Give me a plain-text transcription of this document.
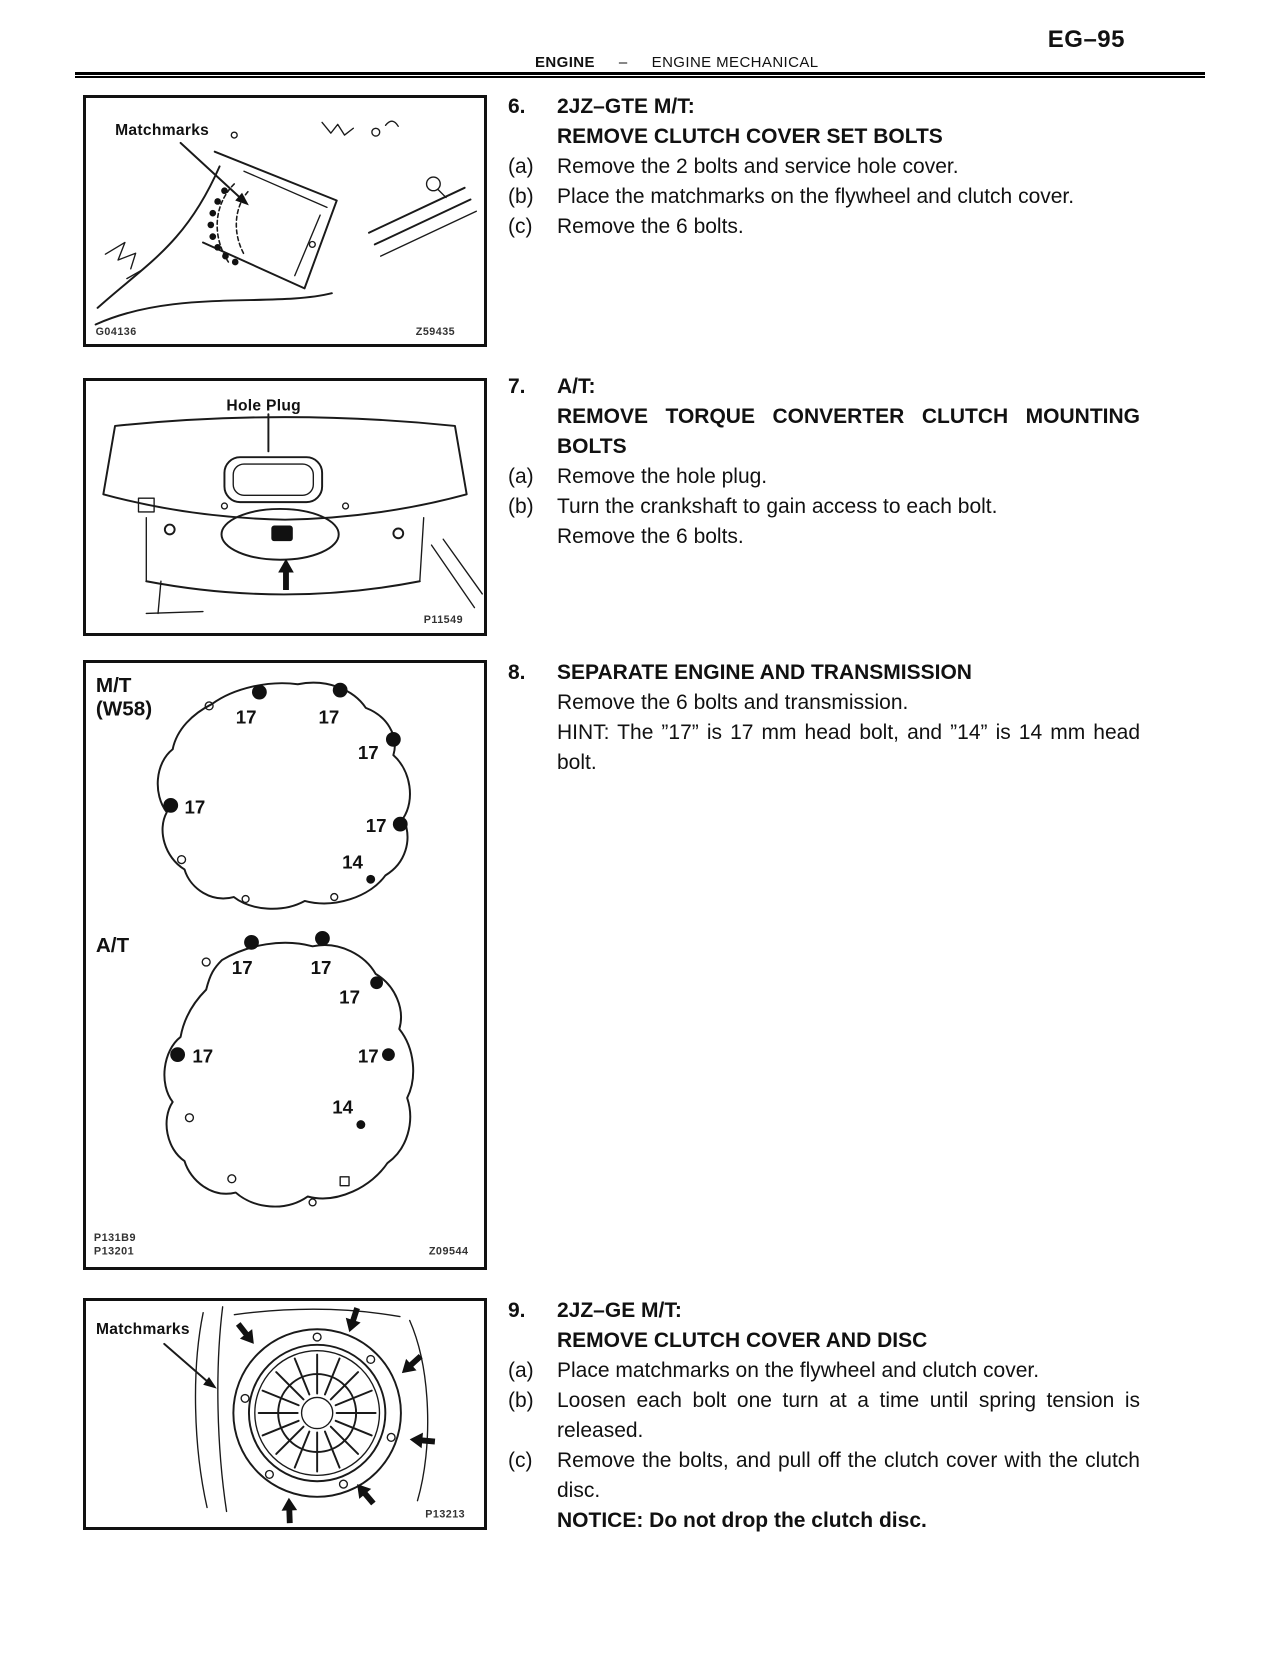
EG–95
ENGINE – ENGINE MECHANICAL
Matchmarks
G04136	Z59435
Hole Plug
P11549
M/T
(W58)
A/T
17	17
17
17
17
14
17	17
17
17	17
14
P131B9
P13201	Z09544
Matchmarks
P13213
6.	2JZ–GTE M/T:
REMOVE CLUTCH COVER SET BOLTS
(a)	Remove the 2 bolts and service hole cover.
(b)	Place the matchmarks on the flywheel and clutch cover.
(c)	Remove the 6 bolts.
7.	A/T:
REMOVE TORQUE CONVERTER CLUTCH MOUNTING BOLTS
(a)	Remove the hole plug.
(b)	Turn the crankshaft to gain access to each bolt.
Remove the 6 bolts.
8.	SEPARATE ENGINE AND TRANSMISSION
Remove the 6 bolts and transmission.
HINT: The ”17” is 17 mm head bolt, and ”14” is 14 mm head bolt.
9.	2JZ–GE M/T:
REMOVE CLUTCH COVER AND DISC
(a)	Place matchmarks on the flywheel and clutch cover.
(b)	Loosen each bolt one turn at a time until spring tension is released.
(c)	Remove the bolts, and pull off the clutch cover with the clutch disc.
NOTICE: Do not drop the clutch disc.
